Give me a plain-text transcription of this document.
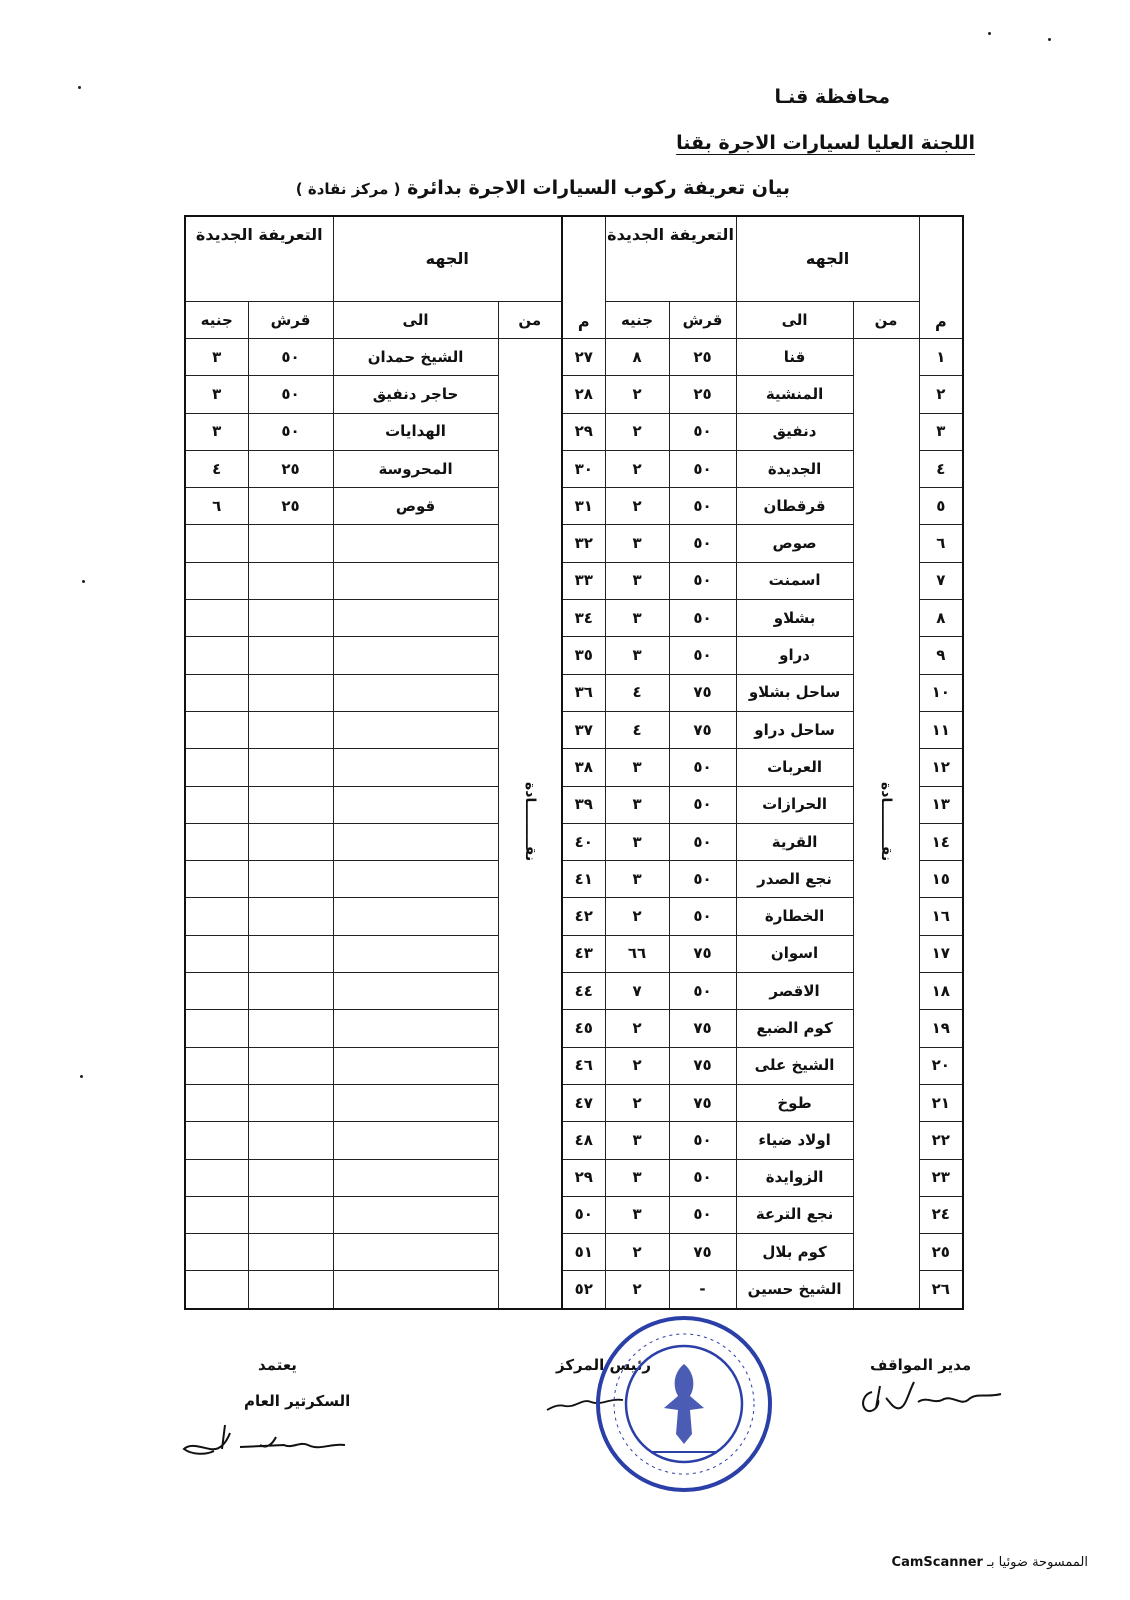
محافظة قنـا
اللجنة العليا لسيارات الاجرة بقنا
بيان تعريفة ركوب السيارات الاجرة بدائرة ( مركز نقادة )
م	الجهه		التعريفة الجديدة		م	الجهه		التعريفة الجديدة	
	من	الى	قرش	جنيه		من	الى	قرش	جنيه
١	نقـــــــــادة	قنا	٢٥	٨	٢٧	نقـــــــــادة	الشيخ حمدان	٥٠	٣
٢		المنشية	٢٥	٢	٢٨		حاجر دنفيق	٥٠	٣
٣		دنفيق	٥٠	٢	٢٩		الهدايات	٥٠	٣
٤		الجديدة	٥٠	٢	٣٠		المحروسة	٢٥	٤
٥		قرقطان	٥٠	٢	٣١		قوص	٢٥	٦
٦		صوص	٥٠	٣	٣٢				
٧		اسمنت	٥٠	٣	٣٣				
٨		بشلاو	٥٠	٣	٣٤				
٩		دراو	٥٠	٣	٣٥				
١٠		ساحل بشلاو	٧٥	٤	٣٦				
١١		ساحل دراو	٧٥	٤	٣٧				
١٢		العربات	٥٠	٣	٣٨				
١٣		الحرازات	٥٠	٣	٣٩				
١٤		القرية	٥٠	٣	٤٠				
١٥		نجع الصدر	٥٠	٣	٤١				
١٦		الخطارة	٥٠	٢	٤٢				
١٧		اسوان	٧٥	٦٦	٤٣				
١٨		الاقصر	٥٠	٧	٤٤				
١٩		كوم الضبع	٧٥	٢	٤٥				
٢٠		الشيخ على	٧٥	٢	٤٦				
٢١		طوخ	٧٥	٢	٤٧				
٢٢		اولاد ضياء	٥٠	٣	٤٨				
٢٣		الزوايدة	٥٠	٣	٢٩				
٢٤		نجع الترعة	٥٠	٣	٥٠				
٢٥		كوم بلال	٧٥	٢	٥١				
٢٦		الشيخ حسين	-	٢	٥٢				
يعتمد
السكرتير العام
رئيس المركز	مدير المواقف
الممسوحة ضوئيا بـ CamScanner
